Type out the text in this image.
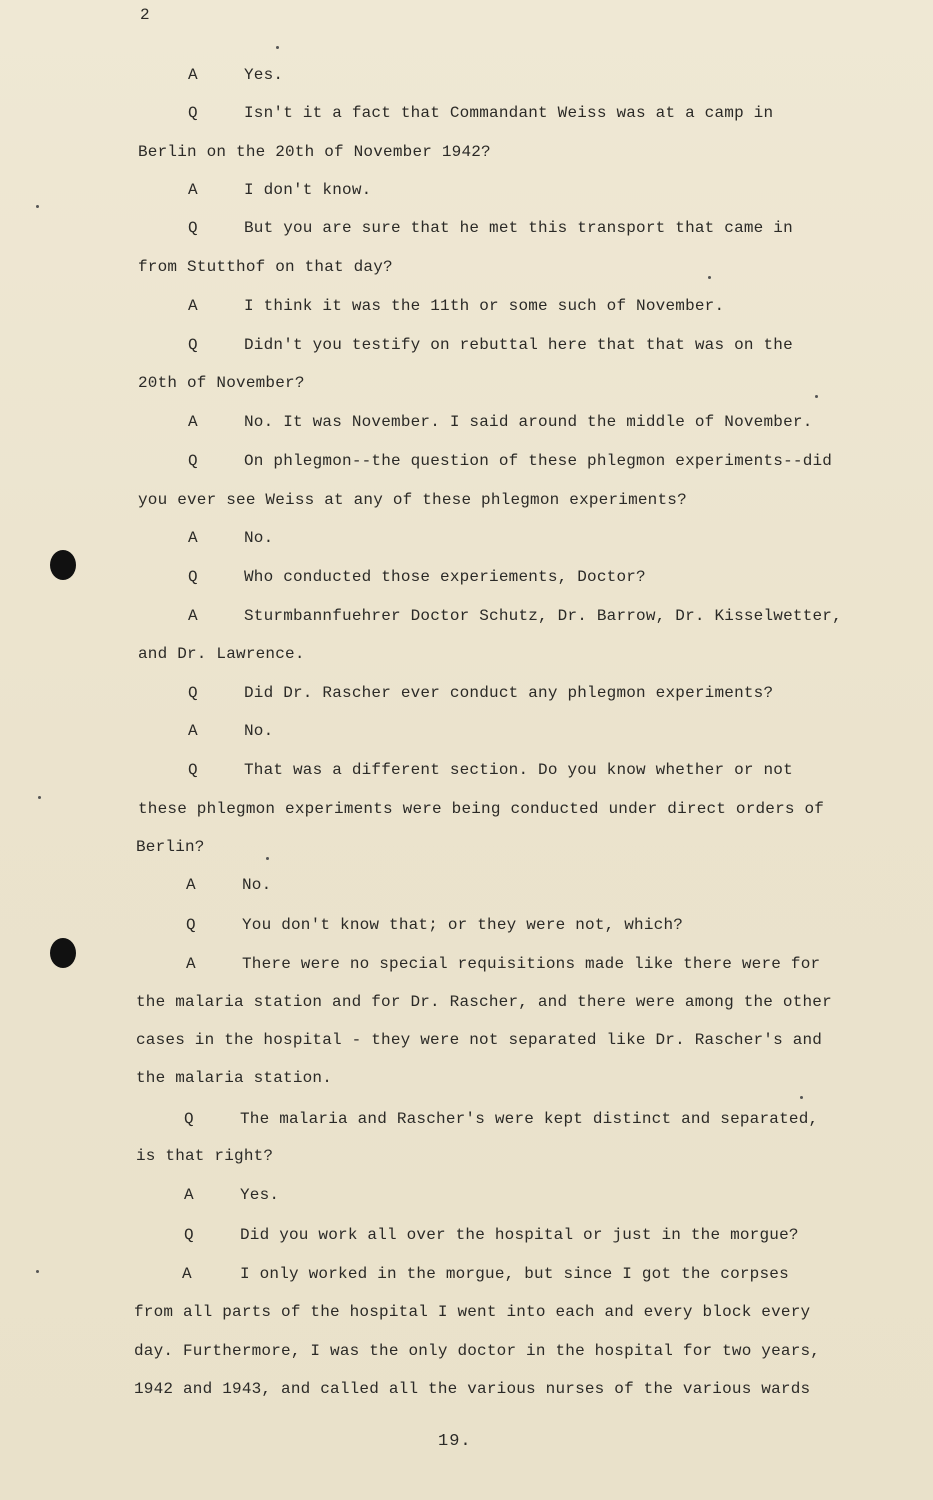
2
A	Yes.
Q	Isn't it a fact that Commandant Weiss was at a camp in
Berlin on the 20th of November 1942?
A	I don't know.
Q	But you are sure that he met this transport that came in
from Stutthof on that day?
A	I think it was the 11th or some such of November.
Q	Didn't you testify on rebuttal here that that was on the
20th of November?
A	No. It was November. I said around the middle of November.
Q	On phlegmon--the question of these phlegmon experiments--did
you ever see Weiss at any of these phlegmon experiments?
A	No.
Q	Who conducted those experiements, Doctor?
A	Sturmbannfuehrer Doctor Schutz, Dr. Barrow, Dr. Kisselwetter,
and Dr. Lawrence.
Q	Did Dr. Rascher ever conduct any phlegmon experiments?
A	No.
Q	That was a different section. Do you know whether or not
these phlegmon experiments were being conducted under direct orders of
Berlin?
A	No.
Q	You don't know that; or they were not, which?
A	There were no special requisitions made like there were for
the malaria station and for Dr. Rascher, and there were among the other
cases in the hospital - they were not separated like Dr. Rascher's and
the malaria station.
Q	The malaria and Rascher's were kept distinct and separated,
is that right?
A	Yes.
Q	Did you work all over the hospital or just in the morgue?
A	I only worked in the morgue, but since I got the corpses
from all parts of the hospital I went into each and every block every
day. Furthermore, I was the only doctor in the hospital for two years,
1942 and 1943, and called all the various nurses of the various wards
19.
